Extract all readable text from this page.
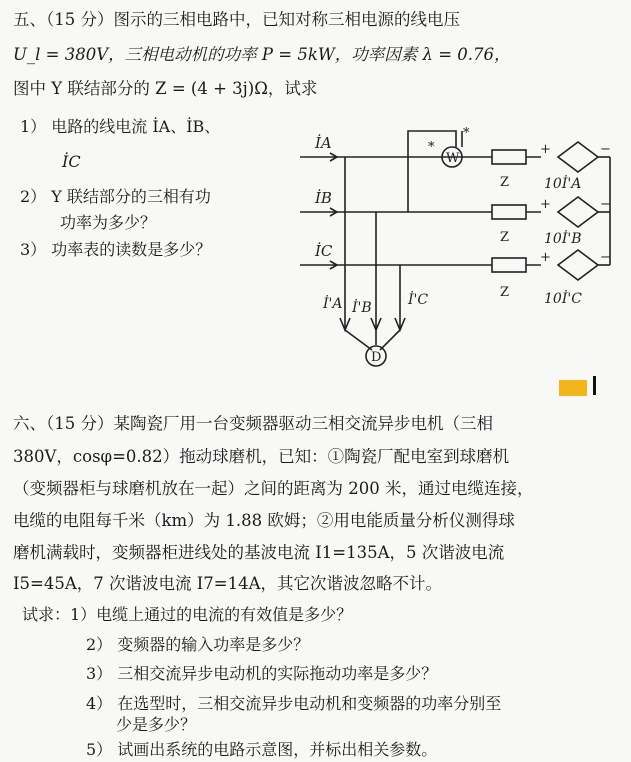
五、（15 分）图示的三相电路中，已知对称三相电源的线电压
U_l = 380V，三相电动机的功率 P = 5kW，功率因素 λ = 0.76，
图中 Y 联结部分的 Z = (4 + 3j)Ω，试求
1） 电路的线电流 İA、İB、
İC
2） Y 联结部分的三相有功
功率为多少？
3） 功率表的读数是多少？
İA
İB
İC
İ'A İ'B	İ'C
10İ'A
10İ'B
10İ'C
W
D
Z
Z
Z
*
*
+
+
+
−
−
−
六、（15 分）某陶瓷厂用一台变频器驱动三相交流异步电机（三相
380V，cosφ=0.82）拖动球磨机，已知：①陶瓷厂配电室到球磨机
（变频器柜与球磨机放在一起）之间的距离为 200 米，通过电缆连接，
电缆的电阻每千米（km）为 1.88 欧姆；②用电能质量分析仪测得球
磨机满载时，变频器柜进线处的基波电流 I1=135A，5 次谐波电流
I5=45A，7 次谐波电流 I7=14A，其它次谐波忽略不计。
试求：1）电缆上通过的电流的有效值是多少？
2） 变频器的输入功率是多少？
3） 三相交流异步电动机的实际拖动功率是多少？
4） 在选型时，三相交流异步电动机和变频器的功率分别至
少是多少？
5） 试画出系统的电路示意图，并标出相关参数。
